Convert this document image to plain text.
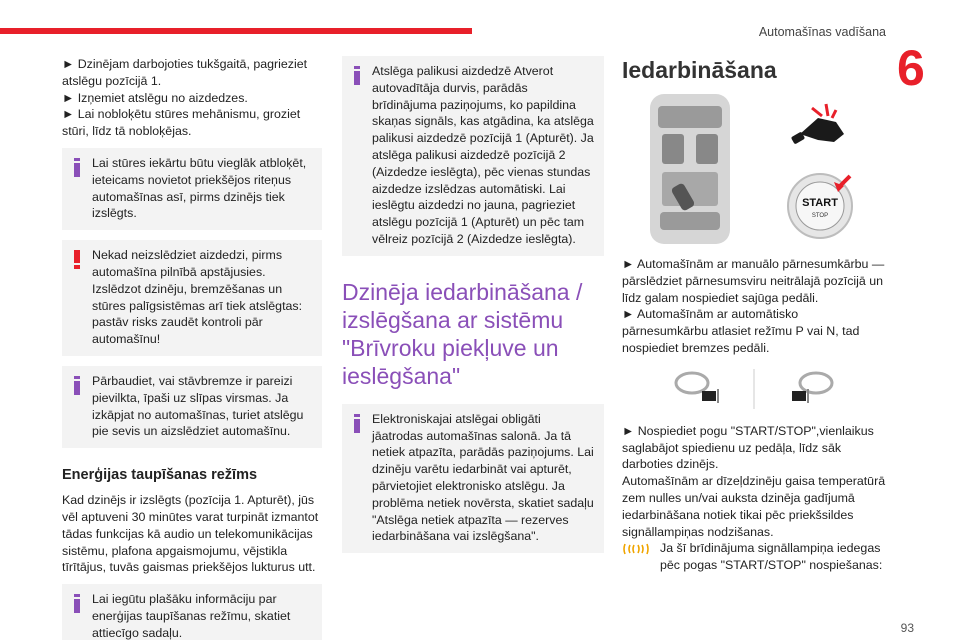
Automašīnas vadīšana
6

► Dzinējam darbojoties tukšgaitā, pagrieziet atslēgu pozīcijā 1.

► Izņemiet atslēgu no aizdedzes.

► Lai nobloķētu stūres mehānismu, groziet stūri, līdz tā nobloķējas.

Lai stūres iekārtu būtu vieglāk atbloķēt, ieteicams novietot priekšējos riteņus automašīnas asī, pirms dzinējs tiek izslēgts.

Nekad neizslēdziet aizdedzi, pirms automašīna pilnībā apstājusies. Izslēdzot dzinēju, bremzēšanas un stūres palīgsistēmas arī tiek atslēgtas: pastāv risks zaudēt kontroli pār automašīnu!

Pārbaudiet, vai stāvbremze ir pareizi pievilkta, īpaši uz slīpas virsmas. Ja izkāpjat no automašīnas, turiet atslēgu pie sevis un aizslēdziet automašīnu.

Enerģijas taupīšanas režīms

Kad dzinējs ir izslēgts (pozīcija 1. Apturēt), jūs vēl aptuveni 30 minūtes varat turpināt izmantot tādas funkcijas kā audio un telekomunikācijas sistēmu, plafona apgaismojumu, vējstikla tīrītājus, tuvās gaismas priekšējos lukturus utt.

Lai iegūtu plašāku informāciju par enerģijas taupīšanas režīmu, skatiet attiecīgo sadaļu.

Atslēga palikusi aizdedzē Atverot autovadītāja durvis, parādās brīdinājuma paziņojums, ko papildina skaņas signāls, kas atgādina, ka atslēga palikusi aizdedzē pozīcijā 1 (Apturēt). Ja atslēga palikusi aizdedzē pozīcijā 2 (Aizdedze ieslēgta), pēc vienas stundas aizdedze izslēdzas automātiski. Lai ieslēgtu aizdedzi no jauna, pagrieziet atslēgu pozīcijā 1 (Apturēt) un pēc tam vēlreiz pozīcijā 2 (Aizdedze ieslēgta).

Dzinēja iedarbināšana / izslēgšana ar sistēmu "Brīvroku piekļuve un ieslēgšana"

Elektroniskajai atslēgai obligāti jāatrodas automašīnas salonā. Ja tā netiek atpazīta, parādās paziņojums. Lai dzinēju varētu iedarbināt vai apturēt, pārvietojiet elektronisko atslēgu. Ja problēma netiek novērsta, skatiet sadaļu "Atslēga netiek atpazīta — rezerves iedarbināšana vai izslēgšana".

Iedarbināšana
START
STOP

► Automašīnām ar manuālo pārnesumkārbu — pārslēdziet pārnesumsviru neitrālajā pozīcijā un līdz galam nospiediet sajūga pedāli.

► Automašīnām ar automātisko pārnesumkārbu atlasiet režīmu P vai N, tad nospiediet bremzes pedāli.

► Nospiediet pogu "START/STOP",vienlaikus saglabājot spiedienu uz pedāļa, līdz sāk darboties dzinējs.

Automašīnām ar dīzeļdzinēju gaisa temperatūrā zem nulles un/vai auksta dzinēja gadījumā iedarbināšana notiek tikai pēc priekšsildes signāllampiņas nodzišanas.

Ja šī brīdinājuma signāllampiņa iedegas pēc pogas "START/STOP" nospiešanas:

93
